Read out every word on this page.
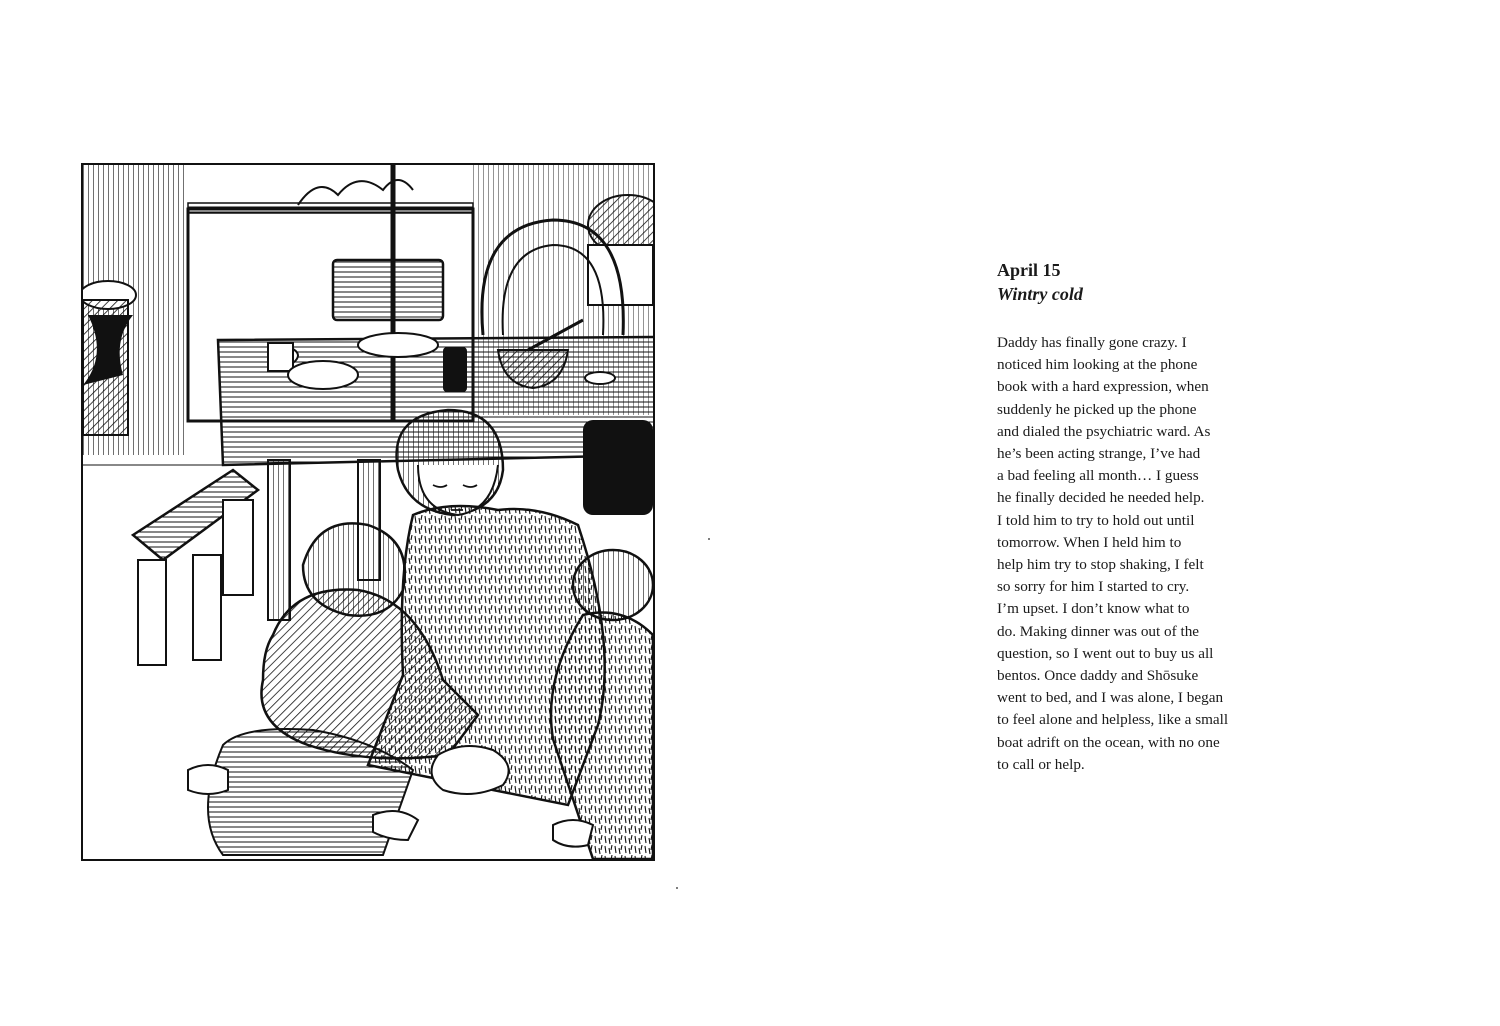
April 15

Wintry cold

Daddy has finally gone crazy. I
noticed him looking at the phone
book with a hard expression, when
suddenly he picked up the phone
and dialed the psychiatric ward. As
he’s been acting strange, I’ve had
a bad feeling all month… I guess
he finally decided he needed help.
I told him to try to hold out until
tomorrow. When I held him to
help him try to stop shaking, I felt
so sorry for him I started to cry.
I’m upset. I don’t know what to
do. Making dinner was out of the
question, so I went out to buy us all
bentos. Once daddy and Shōsuke
went to bed, and I was alone, I began
to feel alone and helpless, like a small
boat adrift on the ocean, with no one
to call or help.
